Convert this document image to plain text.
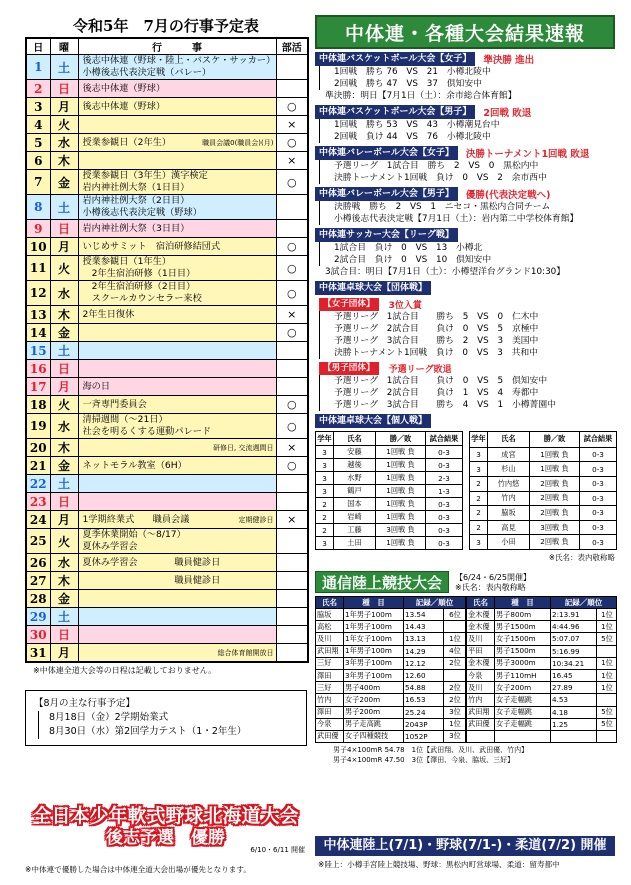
令和5年　7月の行事予定表
日	曜	行　　　事	部活
1	土	後志中体連（野球・陸上・バスケ・サッカー）
小樽後志代表決定戦（バレー）	

2	日	後志中体連（野球）	

3	月	後志中体連（野球）	○
4	火		×
5	水	授業参観日（2年生） 職員会議0(職員会)(月)	○
6	木		×
7	金	授業参観日（3年生）漢字検定
岩内神社例大祭（1日目）	○
8	土	岩内神社例大祭（2日目）
小樽後志代表決定戦（野球）	

9	日	岩内神社例大祭（3日目）	

10	月	いじめサミット　宿泊研修結団式	○
11	火	授業参観日（1年生）
　2年生宿泊研修（1日目）	○
12	水	　2年生宿泊研修（2日目）
　スクールカウンセラー来校	○
13	木	2年生日復休	×
14	金		○
15	土	

16	日	

17	月	海の日	

18	火	一斉専門委員会	○
19	水	清掃週間（〜21日）
社会を明るくする運動パレード	○
20	木	研修日, 交流週間日	×
21	金	ネットモラル教室（6H）	○
22	土	

23	日	

24	月	1学期終業式　　職員会議 定期健診日	×
25	火	夏季休業開始（〜8/17）
夏休み学習会	

26	水	夏休み学習会　　　　職員健診日	

27	木	　　　　　　　　　　職員健診日	

28	金	

29	土	

30	日	

31	月	総合体育館開放日	

※中体連全道大会等の日程は記載しておりません。
【8月の主な行事予定】
8月18日（金）2学期始業式
8月30日（水）第2回学力テスト（1・2年生）
全日本少年軟式野球北海道大会
後志予選　優勝
6/10・6/11 開催
※中体連で優勝した場合は中体連全道大会出場が優先となります。
中体連・各種大会結果速報
中体連バスケットボール大会【女子】	準決勝 進出
1回戦　勝ち 76　VS　21　小樽北陵中
2回戦　勝ち 47　VS　37　倶知安中
準決勝：明日【7月1日（土）：余市総合体育館】
中体連バスケットボール大会【男子】	2回戦 敗退
1回戦　勝ち 53　VS　43　小樽潮見台中
2回戦　負け 44　VS　76　小樽北陵中
中体連バレーボール大会【女子】	決勝トーナメント1回戦 敗退
予選リーグ　1試合目　勝ち　2　VS　0　黒松内中
決勝トーナメント1回戦　負け　0　VS　2　余市西中
中体連バレーボール大会【男子】	優勝(代表決定戦へ)
決勝戦　勝ち　2　VS　1　ニセコ・黒松内合同チーム
小樽後志代表決定戦【7月1日（土）：岩内第二中学校体育館】
中体連サッカー大会【リーグ戦】
1試合目　負け　0　VS　13　小樽北
2試合目　負け　0　VS　10　倶知安中
3試合目：明日【7月1日（土）：小樽望洋台グランド10:30】
中体連卓球大会【団体戦】
【女子団体】	3位入賞
予選リーグ　1試合目　　勝ち　5　VS　0　仁木中
予選リーグ　2試合目　　負け　0　VS　5　京極中
予選リーグ　3試合目　　勝ち　2　VS　3　美国中
決勝トーナメント1回戦　負け　0　VS　3　共和中
【男子団体】	予選リーグ敗退
予選リーグ　1試合目　　負け　0　VS　5　倶知安中
予選リーグ　2試合目　　負け　1　VS　4　寿都中
予選リーグ　3試合目　　勝ち　4　VS　1　小樽菁園中
中体連卓球大会【個人戦】
学年	氏名	勝／敗	試合結果
3	安藤	1回戦 負	0-3
3	越後	1回戦 負	0-3
3	水野	1回戦 負	2-3
3	鶴戸	1回戦 負	1-3
2	国本	1回戦 負	0-3
2	岩崎	1回戦 負	0-3
2	工藤	3回戦 負	0-3
3	土田	1回戦 負	0-3
学年	氏名	勝／敗	試合結果
3	成宮	1回戦 負	0-3
3	杉山	1回戦 負	0-3
2	竹内悠	2回戦 負	0-3
2	竹内	2回戦 負	0-3
2	脇坂	2回戦 負	0-3
2	高見	3回戦 負	0-3
3	小田	2回戦 負	0-3
※氏名：表内敬称略
通信陸上競技大会	【6/24・6/25開催】
※氏名：表内敬称略
氏名	種　目	記録／順位	
脇坂	1年男子100m	13.54	6位
高松	1年男子100m	14.43	
及川	1年女子100m	13.13	1位
武田翔	1年男子100m	14.29	4位
三好	3年男子100m	12.12	2位
澤田	3年男子100m	12.60	
三好	男子400m	54.88	2位
竹内	女子200m	16.53	2位
澤田	男子200m	25.24	3位
今泉	男子走高跳	2043P	1位
武田優	女子四種競技	1052P	3位
氏名	種　目	記録／順位	
金木優	男子800m	2:13.91	1位
金木優	男子1500m	4:44.96	1位
及川	女子1500m	5:07.07	5位
平田	男子1500m	5:16.99	
金木優	男子3000m	10:34.21	1位
今泉	男子110mH	16.45	1位
及川	女子200m	27.89	1位
竹内	女子走幅跳	4.53	
武田翔	女子走幅跳	4.18	5位
武田優	女子走幅跳	1.25	5位

男子4×100mR 54.78　1位【武田翔、及川、武田優、竹内】
男子4×100mR 47.50　3位【澤田、今泉、脇坂、三好】
中体連陸上(7/1)・野球(7/1-)・柔道(7/2) 開催
※陸上：小樽手宮陸上競技場、野球：黒松内町営球場、柔道：留寿都中
